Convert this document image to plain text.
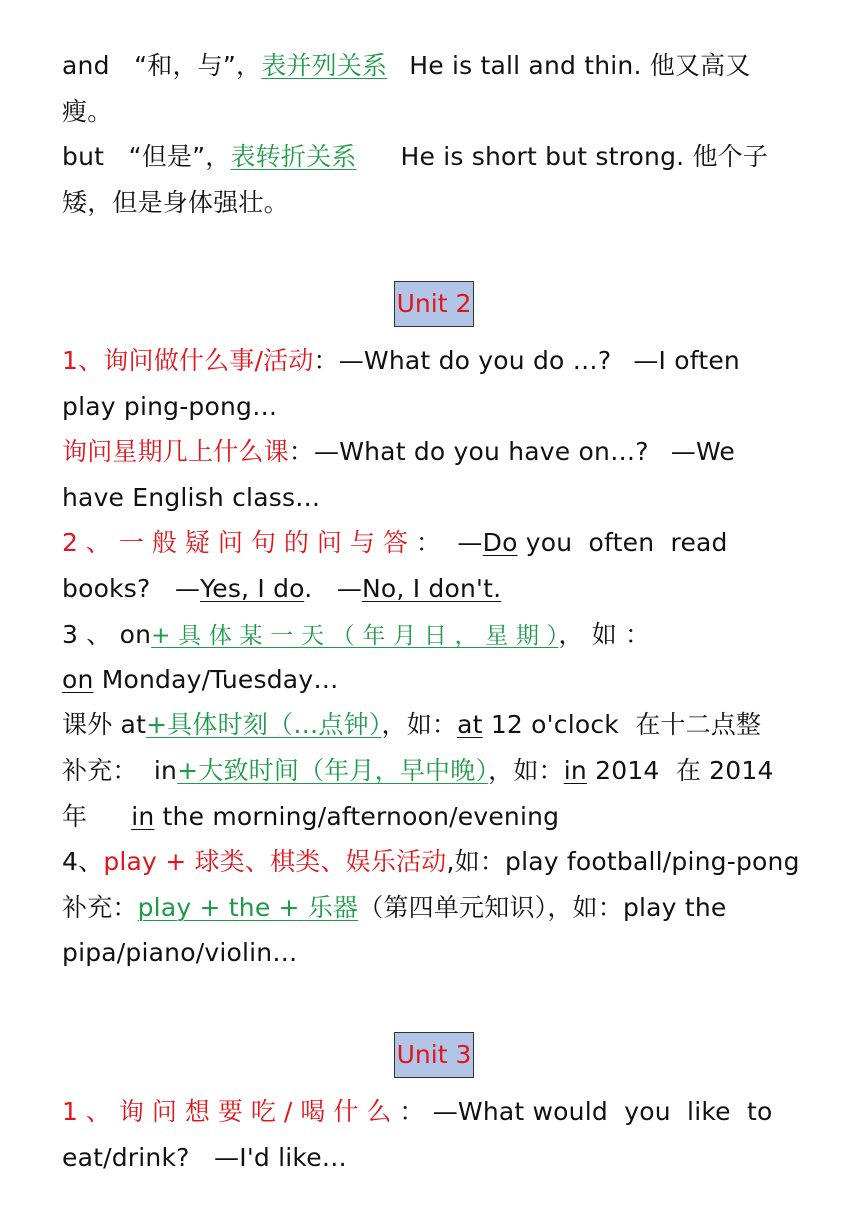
and “和，与”，表并列关系 He is tall and thin. 他又高又
瘦。
but “但是”，表转折关系 He is short but strong. 他个子
矮，但是身体强壮。
Unit 2
1、询问做什么事/活动：—What do you do …? —I often
play ping-pong…
询问星期几上什么课：—What do you have on…? —We
have English class…
2、一般疑问句的问与答： —Do you  often  read
books? —Yes, I do. —No, I don't.
3 、 on+ 具 体 某 一 天 （ 年 月 日 ， 星 期 ）， 如 ：
on Monday/Tuesday…
课外 at+具体时刻（…点钟），如：at 12 o'clock  在十二点整
补充：  in+大致时间（年月，早中晚），如：in 2014  在 2014
年 in the morning/afternoon/evening
4、play + 球类、棋类、娱乐活动,如：play football/ping-pong
补充：play + the + 乐器（第四单元知识），如：play the
pipa/piano/violin…
Unit 3
1、询问想要吃/喝什么： —What would  you  like  to
eat/drink?   —I'd like…
